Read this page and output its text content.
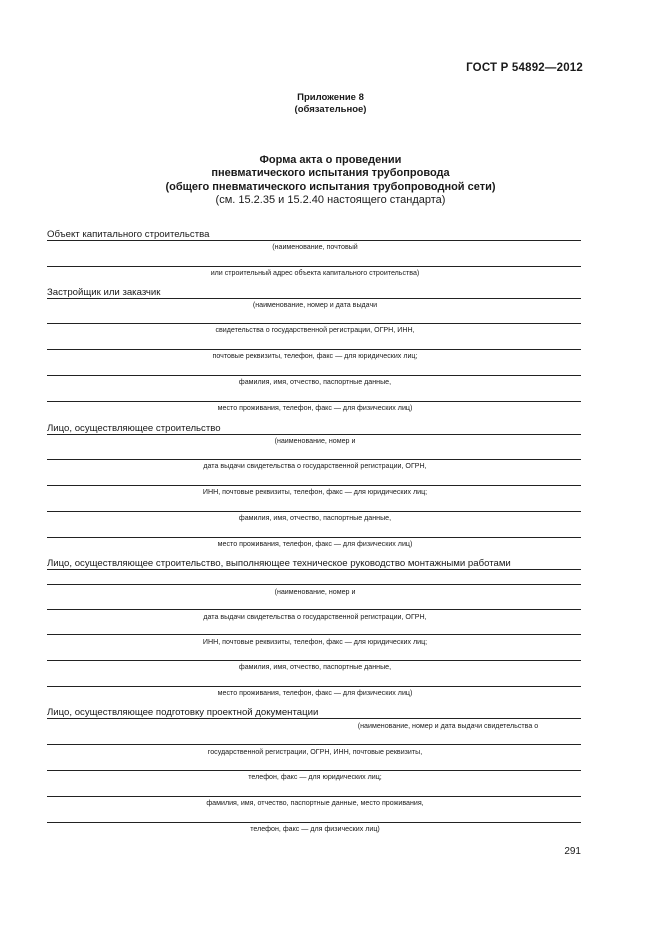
ГОСТ Р 54892—2012
Приложение 8
(обязательное)
Форма акта о проведении
пневматического испытания трубопровода
(общего пневматического испытания трубопроводной сети)
(см. 15.2.35 и 15.2.40 настоящего стандарта)
Объект капитального строительства
(наименование, почтовый
или строительный адрес объекта капитального строительства)
Застройщик или заказчик
(наименование, номер и дата выдачи
свидетельства о государственной регистрации, ОГРН, ИНН,
почтовые реквизиты, телефон, факс — для юридических лиц;
фамилия, имя, отчество, паспортные данные,
место проживания, телефон, факс — для физических лиц)
Лицо, осуществляющее строительство
(наименование, номер и
дата выдачи свидетельства о государственной регистрации, ОГРН,
ИНН, почтовые реквизиты, телефон, факс — для юридических лиц;
фамилия, имя, отчество, паспортные данные,
место проживания, телефон, факс — для физических лиц)
Лицо, осуществляющее строительство, выполняющее техническое руководство монтажными работами
(наименование, номер и
дата выдачи свидетельства о государственной регистрации, ОГРН,
ИНН, почтовые реквизиты, телефон, факс — для юридических лиц;
фамилия, имя, отчество, паспортные данные,
место проживания, телефон, факс — для физических лиц)
Лицо, осуществляющее подготовку проектной документации
(наименование, номер и дата выдачи свидетельства о
государственной регистрации, ОГРН, ИНН, почтовые реквизиты,
телефон, факс — для юридических лиц;
фамилия, имя, отчество, паспортные данные, место проживания,
телефон, факс — для физических лиц)
291
